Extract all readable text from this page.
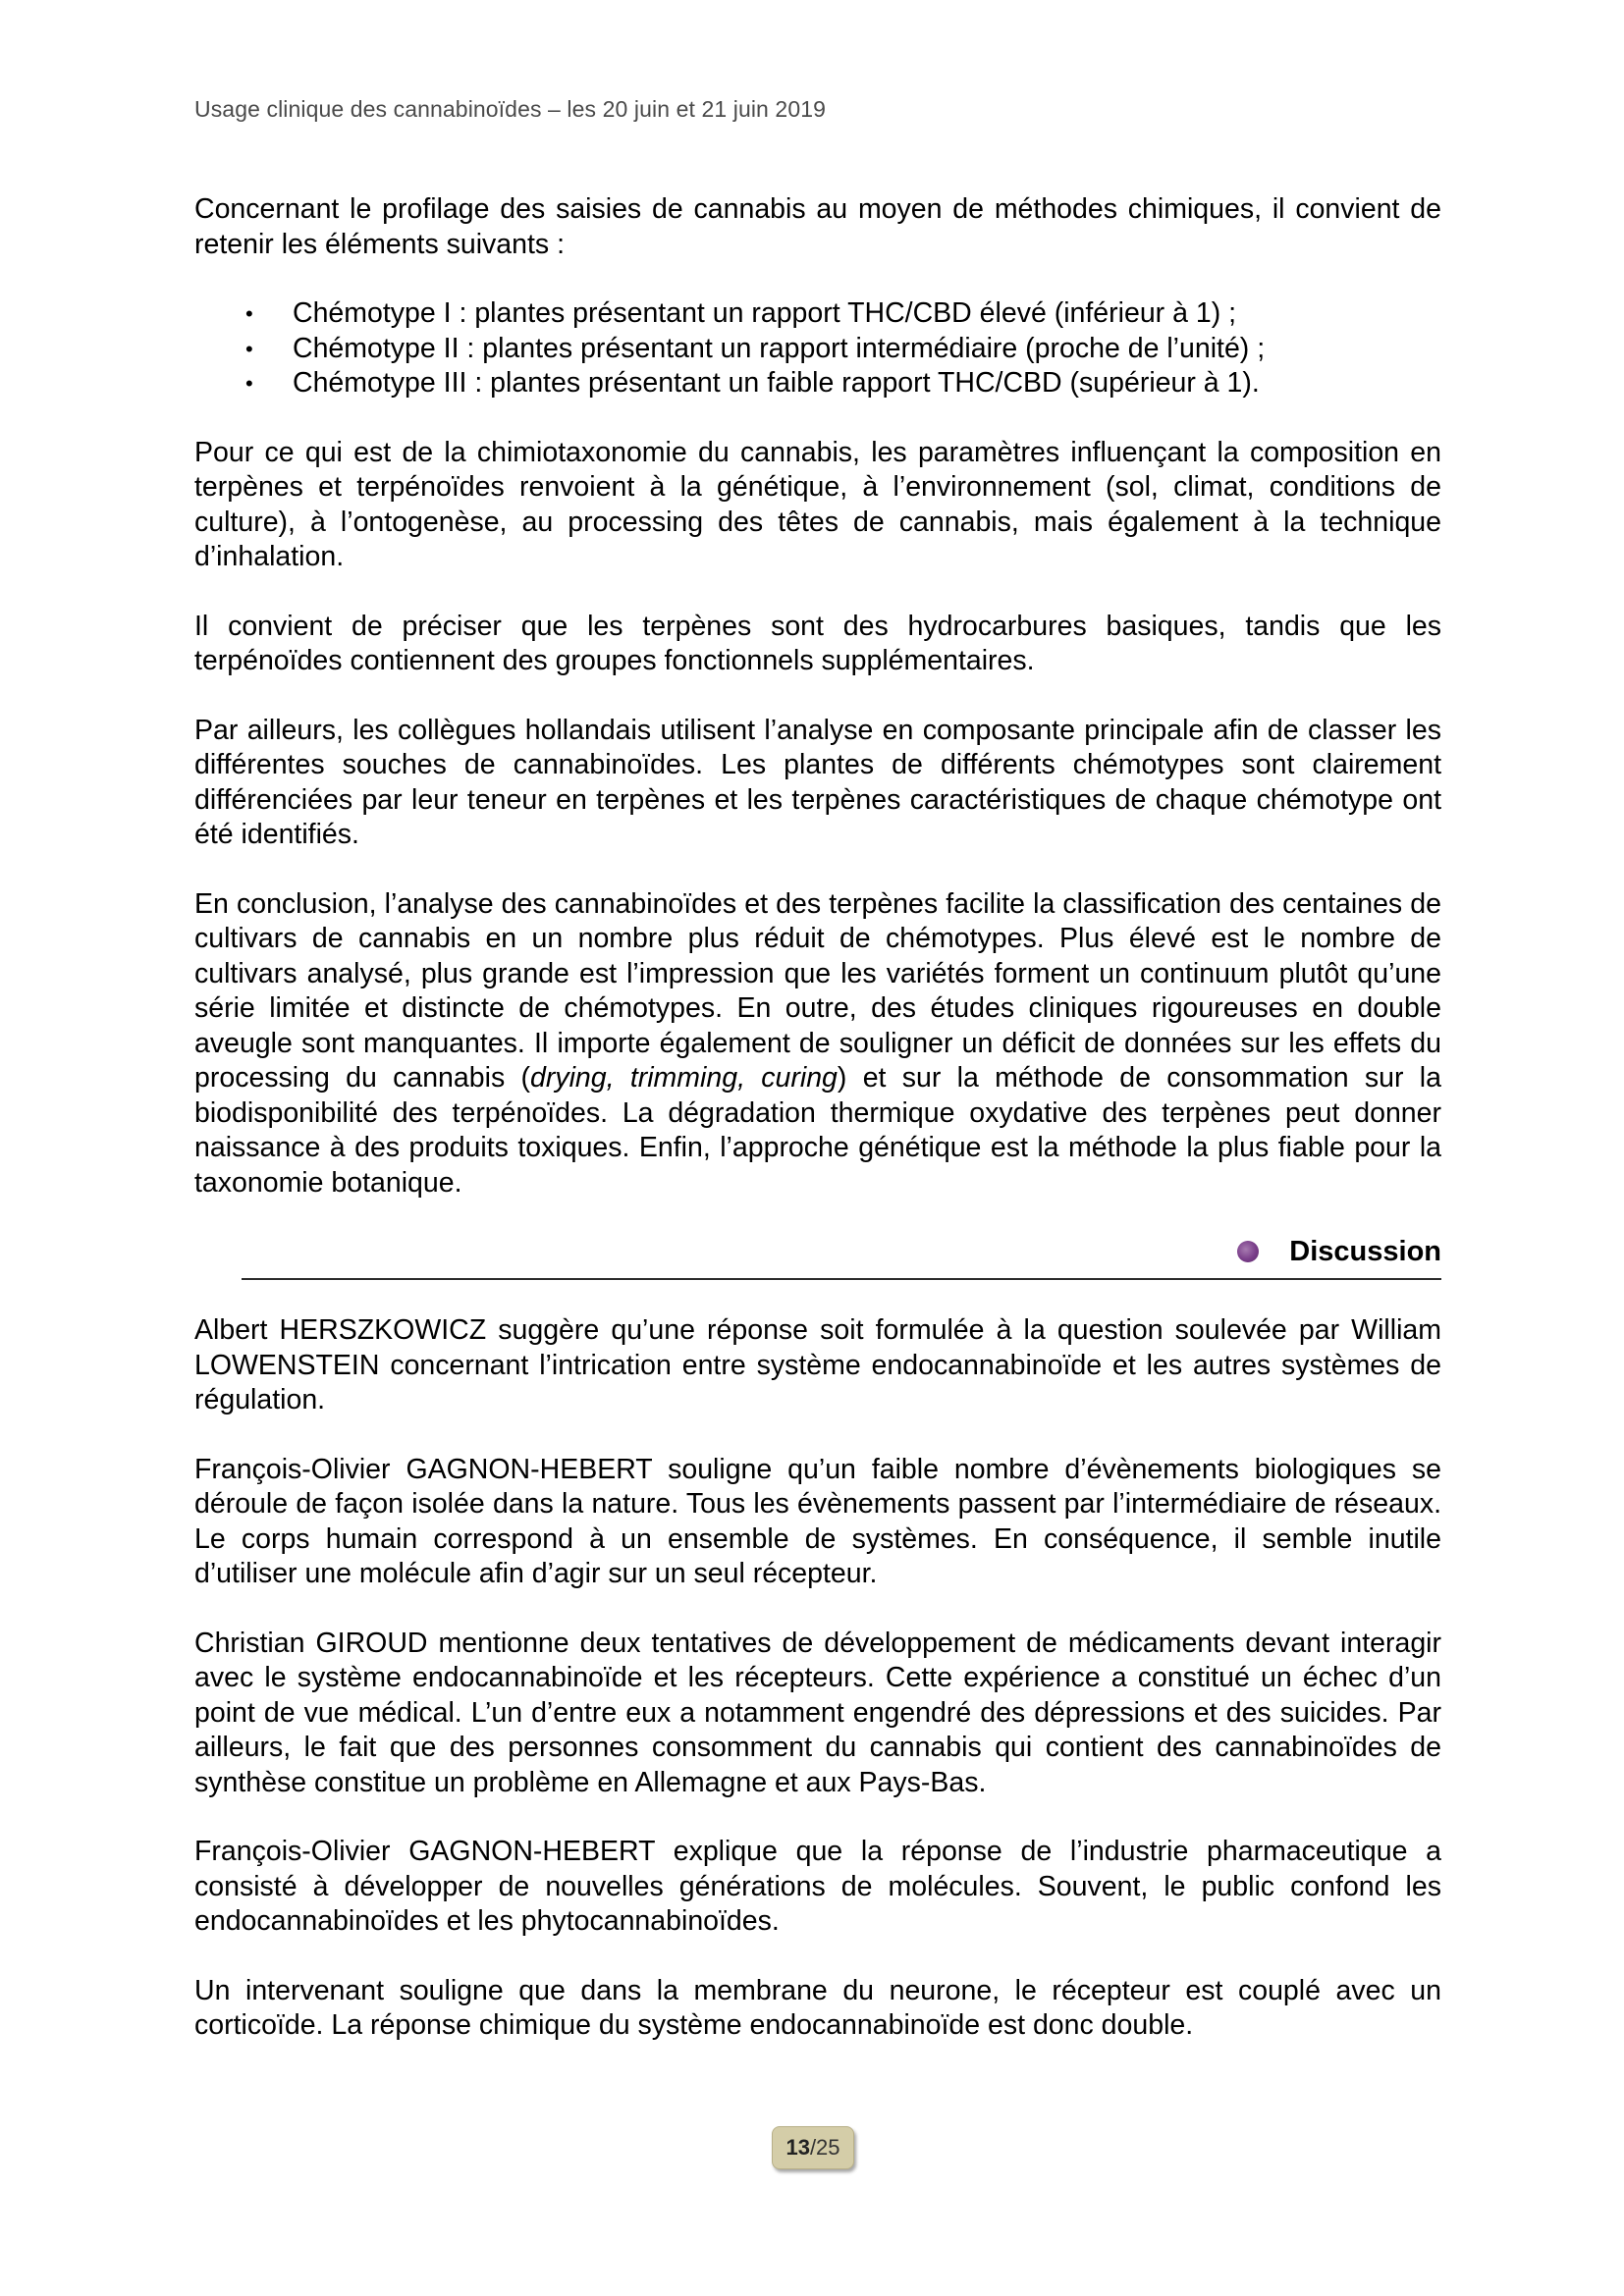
Usage clinique des cannabinoïdes – les 20 juin et 21 juin 2019

Concernant le profilage des saisies de cannabis au moyen de méthodes chimiques, il convient de retenir les éléments suivants :

• Chémotype I : plantes présentant un rapport THC/CBD élevé (inférieur à 1) ;
• Chémotype II : plantes présentant un rapport intermédiaire (proche de l’unité) ;
• Chémotype III : plantes présentant un faible rapport THC/CBD (supérieur à 1).

Pour ce qui est de la chimiotaxonomie du cannabis, les paramètres influençant la composition en terpènes et terpénoïdes renvoient à la génétique, à l’environnement (sol, climat, conditions de culture), à l’ontogenèse, au processing des têtes de cannabis, mais également à la technique d’inhalation.

Il convient de préciser que les terpènes sont des hydrocarbures basiques, tandis que les terpénoïdes contiennent des groupes fonctionnels supplémentaires.

Par ailleurs, les collègues hollandais utilisent l’analyse en composante principale afin de classer les différentes souches de cannabinoïdes. Les plantes de différents chémotypes sont clairement différenciées par leur teneur en terpènes et les terpènes caractéristiques de chaque chémotype ont été identifiés.

En conclusion, l’analyse des cannabinoïdes et des terpènes facilite la classification des centaines de cultivars de cannabis en un nombre plus réduit de chémotypes. Plus élevé est le nombre de cultivars analysé, plus grande est l’impression que les variétés forment un continuum plutôt qu’une série limitée et distincte de chémotypes. En outre, des études cliniques rigoureuses en double aveugle sont manquantes. Il importe également de souligner un déficit de données sur les effets du processing du cannabis (drying, trimming, curing) et sur la méthode de consommation sur la biodisponibilité des terpénoïdes. La dégradation thermique oxydative des terpènes peut donner naissance à des produits toxiques. Enfin, l’approche génétique est la méthode la plus fiable pour la taxonomie botanique.

Discussion

Albert HERSZKOWICZ suggère qu’une réponse soit formulée à la question soulevée par William LOWENSTEIN concernant l’intrication entre système endocannabinoïde et les autres systèmes de régulation.

François-Olivier GAGNON-HEBERT souligne qu’un faible nombre d’évènements biologiques se déroule de façon isolée dans la nature. Tous les évènements passent par l’intermédiaire de réseaux. Le corps humain correspond à un ensemble de systèmes. En conséquence, il semble inutile d’utiliser une molécule afin d’agir sur un seul récepteur.

Christian GIROUD mentionne deux tentatives de développement de médicaments devant interagir avec le système endocannabinoïde et les récepteurs. Cette expérience a constitué un échec d’un point de vue médical. L’un d’entre eux a notamment engendré des dépressions et des suicides. Par ailleurs, le fait que des personnes consomment du cannabis qui contient des cannabinoïdes de synthèse constitue un problème en Allemagne et aux Pays-Bas.

François-Olivier GAGNON-HEBERT explique que la réponse de l’industrie pharmaceutique a consisté à développer de nouvelles générations de molécules. Souvent, le public confond les endocannabinoïdes et les phytocannabinoïdes.

Un intervenant souligne que dans la membrane du neurone, le récepteur est couplé avec un corticoïde. La réponse chimique du système endocannabinoïde est donc double.

13/25
